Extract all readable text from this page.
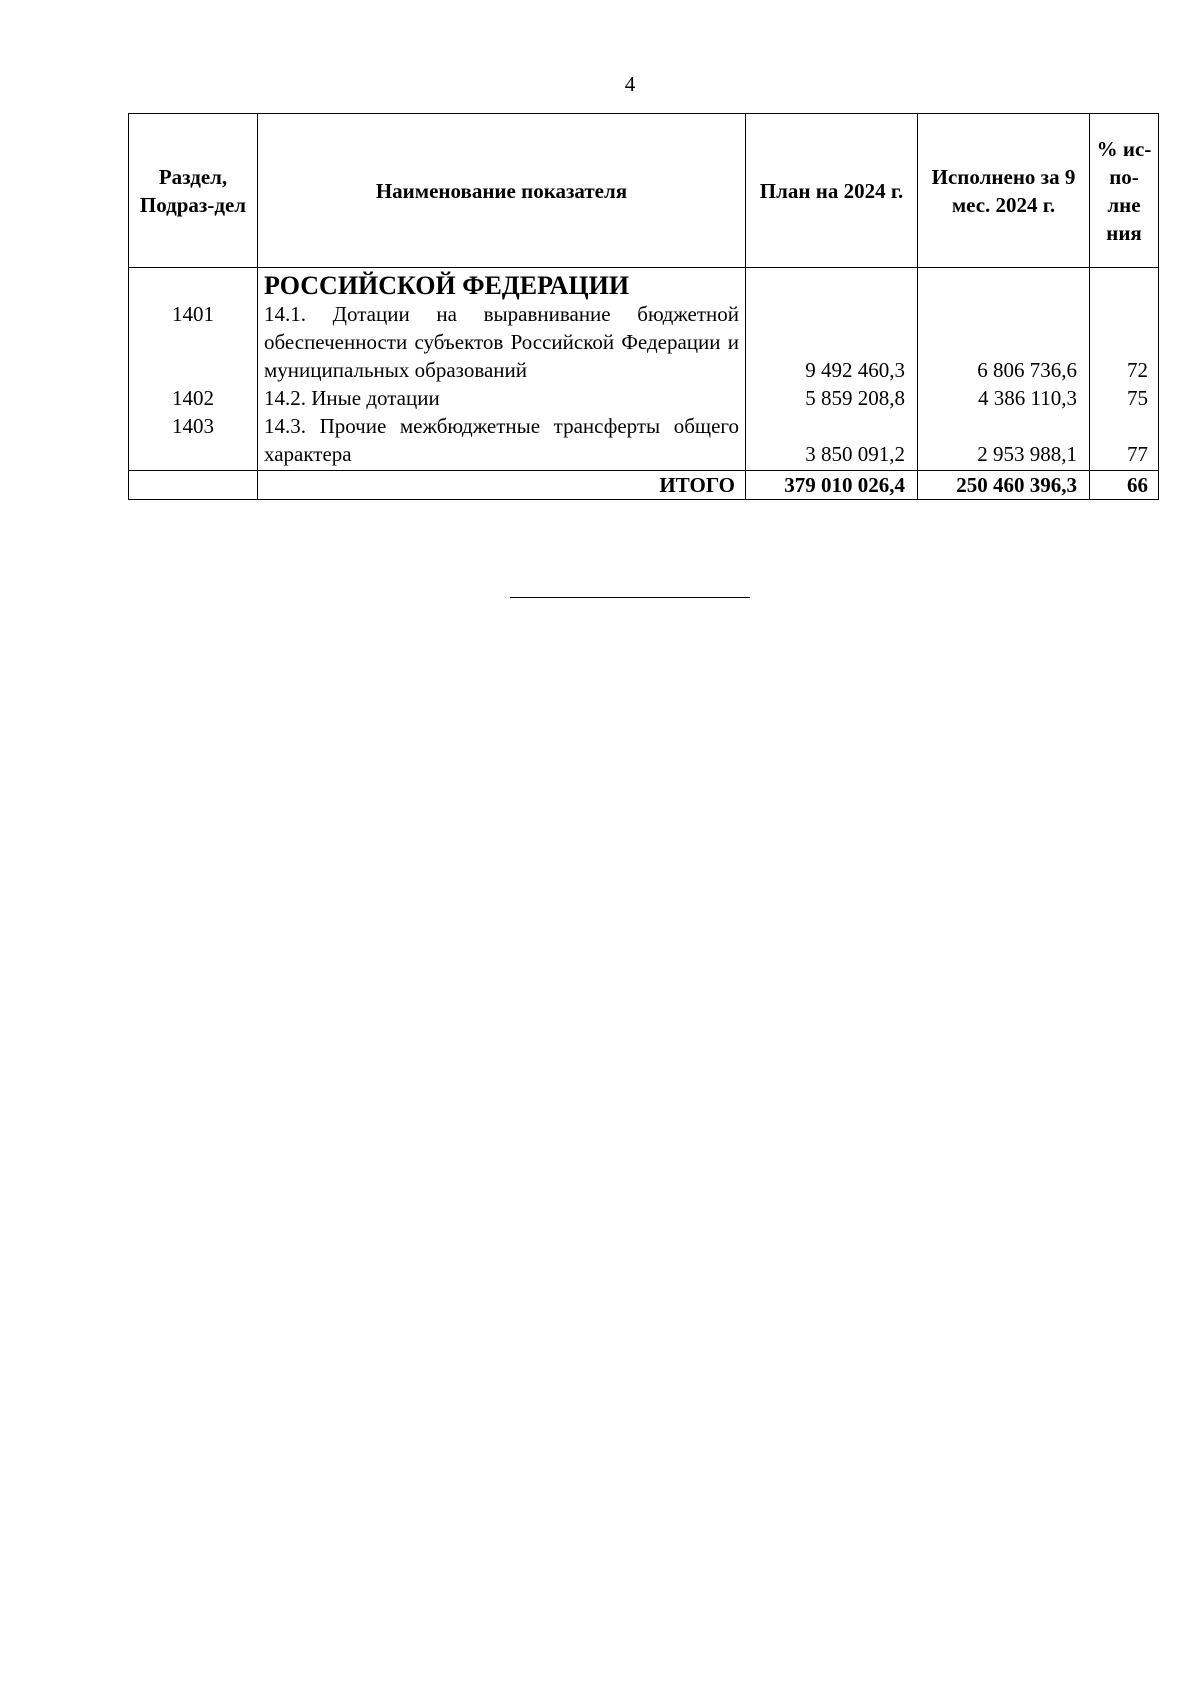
4
Раздел, Подраз-дел	Наименование показателя	План на 2024 г.	Исполнено за 9 мес. 2024 г.	% ис-по-лне ния
	РОССИЙСКОЙ ФЕДЕРАЦИИ			
1401	14.1. Дотации на выравнивание бюджетной обеспеченности субъектов Российской Федерации и муниципальных образований	9 492 460,3	6 806 736,6	72
1402	14.2. Иные дотации	5 859 208,8	4 386 110,3	75
1403	14.3. Прочие межбюджетные трансферты общего характера	3 850 091,2	2 953 988,1	77
	ИТОГО	379 010 026,4	250 460 396,3	66
